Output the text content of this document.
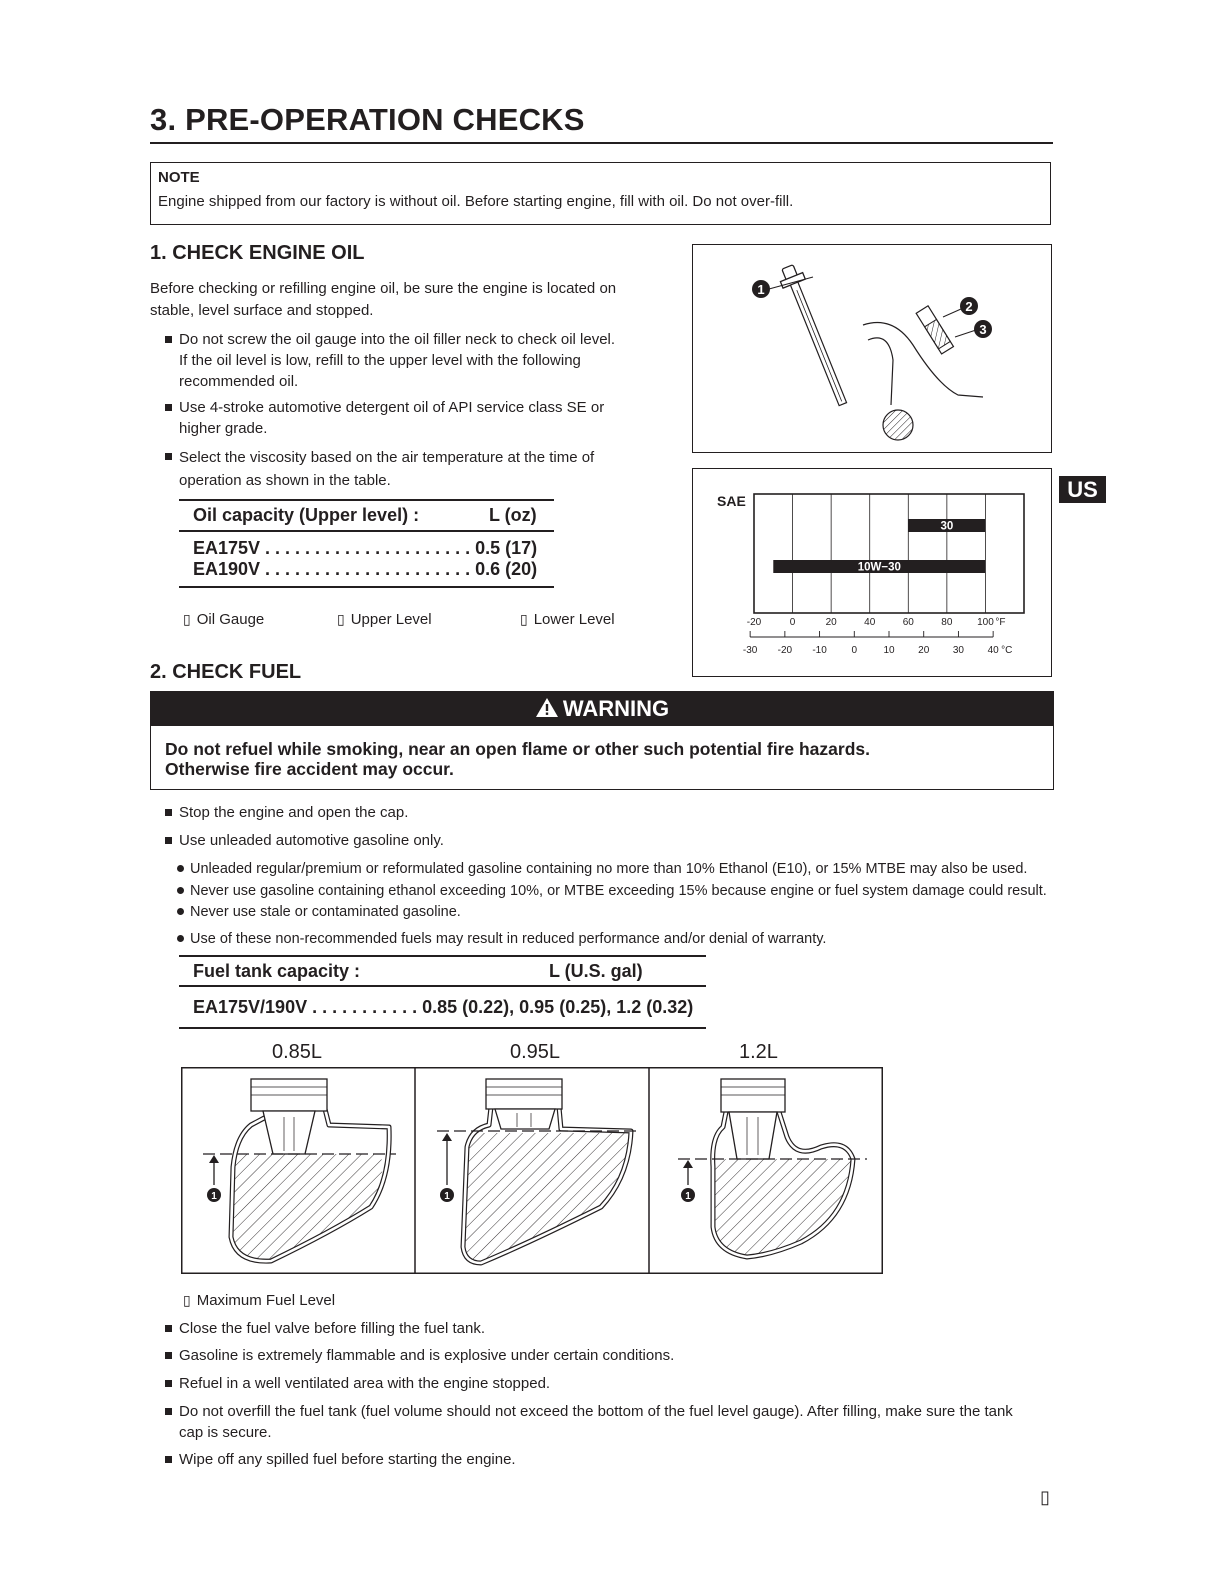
3. PRE-OPERATION CHECKS
NOTE
Engine shipped from our factory is without oil. Before starting engine, fill with oil. Do not over-fill.
1. CHECK ENGINE OIL
Before checking or refilling engine oil, be sure the engine is located on
stable, level surface and stopped.
Do not screw the oil gauge into the oil filler neck to check oil level.
If the oil level is low, refill to the upper level with the following
recommended oil.
Use 4-stroke automotive detergent oil of API service class SE or
higher grade.
Select the viscosity based on the air temperature at the time of
operation as shown in the table.
Oil capacity (Upper level) :	L (oz)
EA175V . . . . . . . . . . . . . . . . . . . . . 0.5 (17)
EA190V . . . . . . . . . . . . . . . . . . . . . 0.6 (20)
▯ Oil Gauge	▯ Upper Level	▯ Lower Level
1
2
3
SAE
30
10W−30
-20	0	20	40	60	80 100 °F
-30 -20 -10 0	10 20 30 40 °C
US
2. CHECK FUEL
WARNING
Do not refuel while smoking, near an open flame or other such potential fire hazards.
Otherwise fire accident may occur.
Stop the engine and open the cap.
Use unleaded automotive gasoline only.
Unleaded regular/premium or reformulated gasoline containing no more than 10% Ethanol (E10), or 15% MTBE may also be used.
Never use gasoline containing ethanol exceeding 10%, or MTBE exceeding 15% because engine or fuel system damage could result.
Never use stale or contaminated gasoline.
Use of these non-recommended fuels may result in reduced performance and/or denial of warranty.
Fuel tank capacity :	L (U.S. gal)
EA175V/190V . . . . . . . . . . . 0.85 (0.22), 0.95 (0.25), 1.2 (0.32)
0.85L	0.95L	1.2L
1	1	1
▯ Maximum Fuel Level
Close the fuel valve before filling the fuel tank.
Gasoline is extremely flammable and is explosive under certain conditions.
Refuel in a well ventilated area with the engine stopped.
Do not overfill the fuel tank (fuel volume should not exceed the bottom of the fuel level gauge). After filling, make sure the tank
cap is secure.
Wipe off any spilled fuel before starting the engine.
▯
